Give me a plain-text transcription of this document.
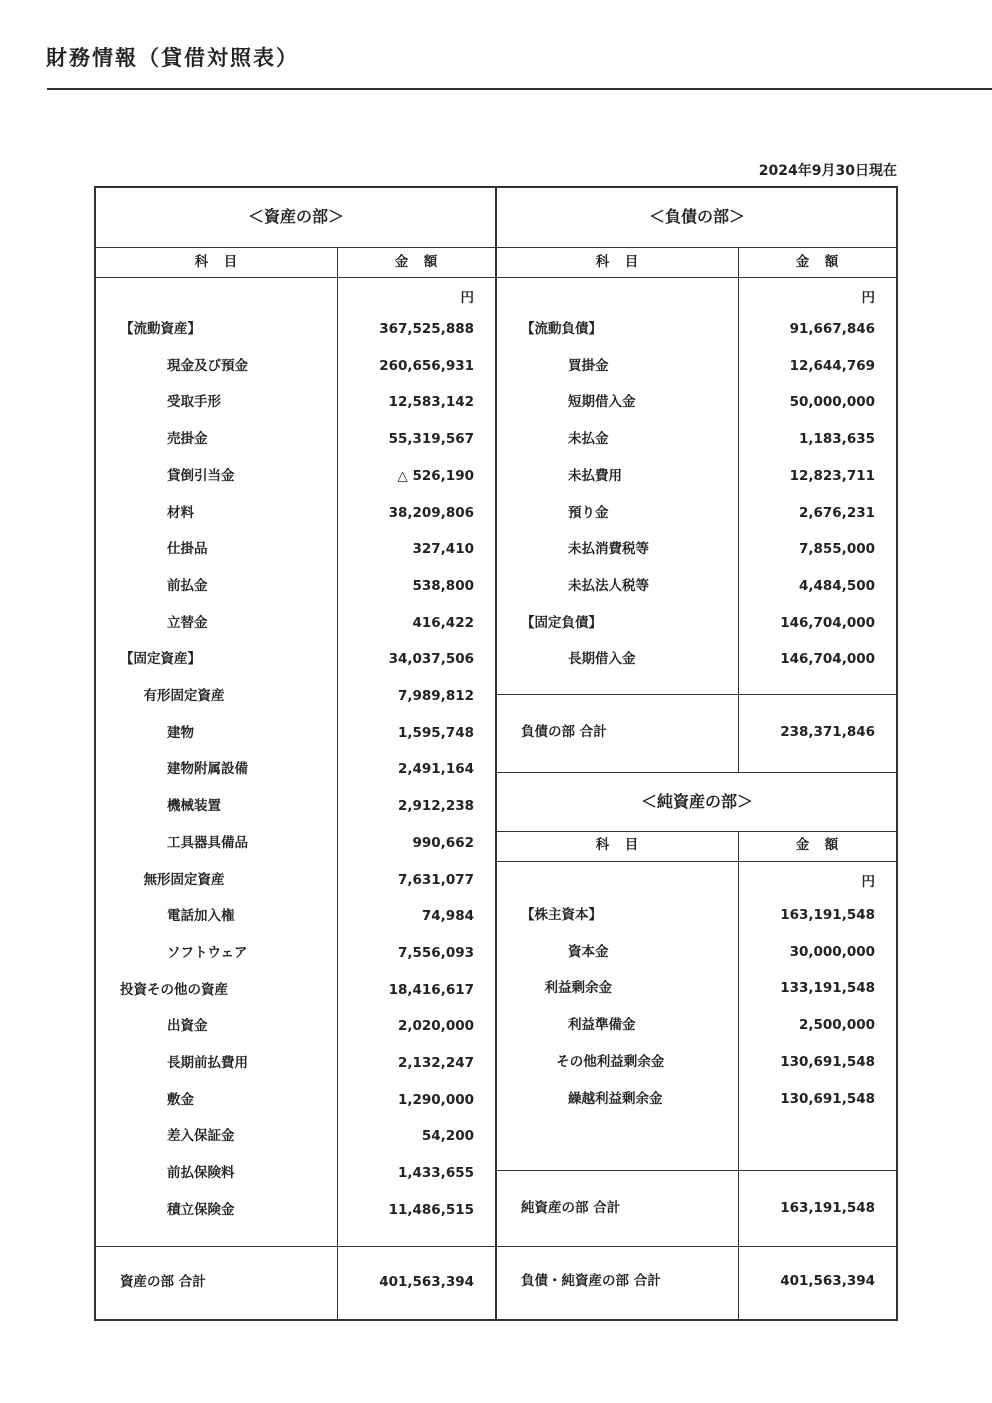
財務情報（貸借対照表）
2024年9月30日現在
＜資産の部＞	＜負債の部＞
＜純資産の部＞
科　目	金　額	科　目	金　額
科　目	金　額
円	円
円
資産の部 合計	401,563,394
負債の部 合計	238,371,846
純資産の部 合計	163,191,548
負債・純資産の部 合計	401,563,394
【流動資産】	367,525,888
現金及び預金	260,656,931
受取手形	12,583,142
売掛金	55,319,567
貸倒引当金	△ 526,190
材料	38,209,806
仕掛品	327,410
前払金	538,800
立替金	416,422
【固定資産】	34,037,506
有形固定資産	7,989,812
建物	1,595,748
建物附属設備	2,491,164
機械装置	2,912,238
工具器具備品	990,662
無形固定資産	7,631,077
電話加入権	74,984
ソフトウェア	7,556,093
投資その他の資産	18,416,617
出資金	2,020,000
長期前払費用	2,132,247
敷金	1,290,000
差入保証金	54,200
前払保険料	1,433,655
積立保険金	11,486,515
【流動負債】	91,667,846
買掛金	12,644,769
短期借入金	50,000,000
未払金	1,183,635
未払費用	12,823,711
預り金	2,676,231
未払消費税等	7,855,000
未払法人税等	4,484,500
【固定負債】	146,704,000
長期借入金	146,704,000
【株主資本】	163,191,548
資本金	30,000,000
利益剰余金	133,191,548
利益準備金	2,500,000
その他利益剰余金	130,691,548
繰越利益剰余金	130,691,548
